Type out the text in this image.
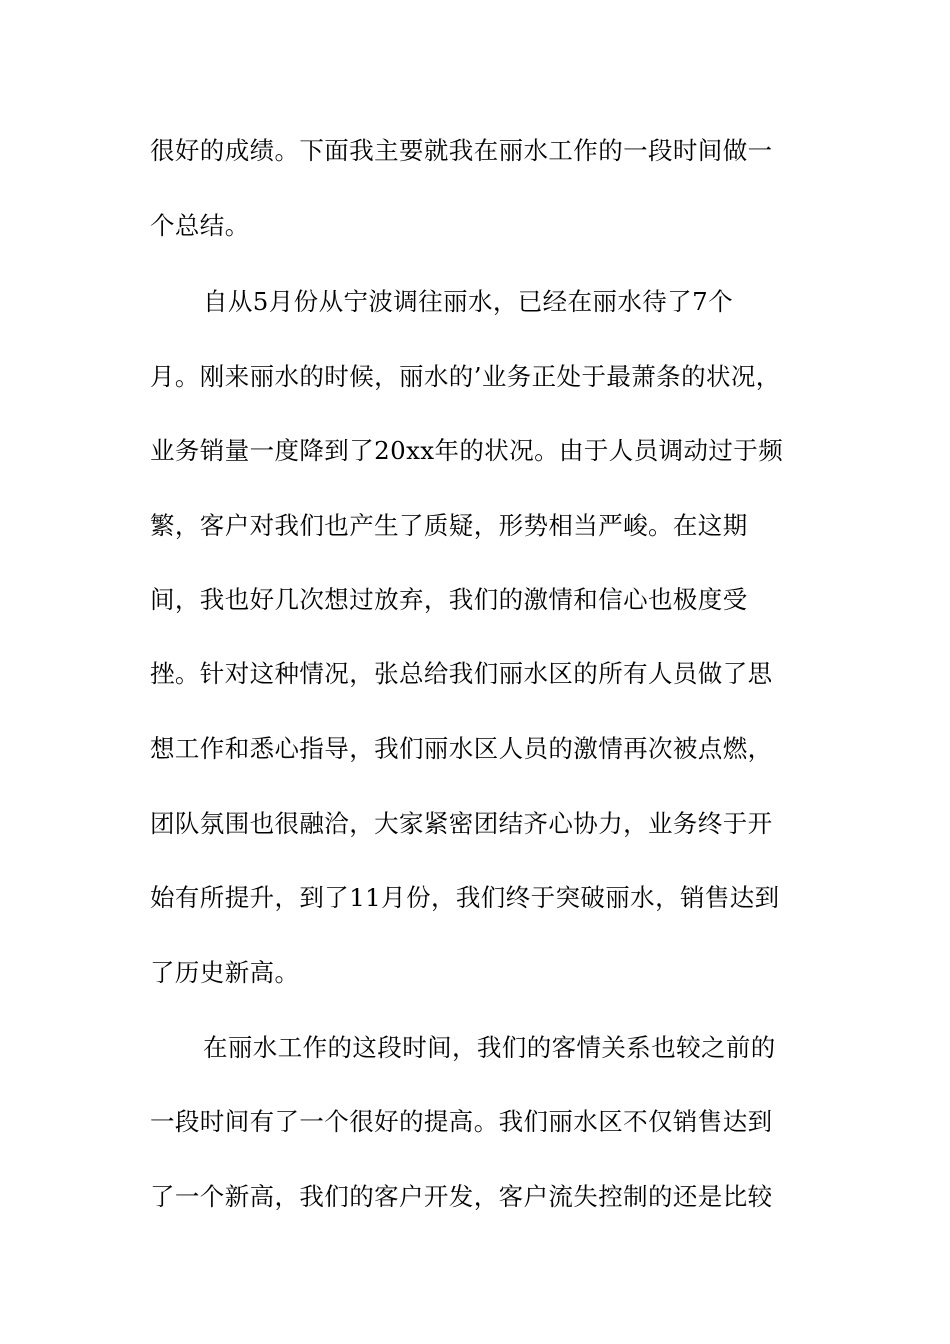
很好的成绩。下面我主要就我在丽水工作的一段时间做一
个总结。
自从5月份从宁波调往丽水，已经在丽水待了7个
月。刚来丽水的时候，丽水的’业务正处于最萧条的状况，
业务销量一度降到了20xx年的状况。由于人员调动过于频
繁，客户对我们也产生了质疑，形势相当严峻。在这期
间，我也好几次想过放弃，我们的激情和信心也极度受
挫。针对这种情况，张总给我们丽水区的所有人员做了思
想工作和悉心指导，我们丽水区人员的激情再次被点燃，
团队氛围也很融洽，大家紧密团结齐心协力，业务终于开
始有所提升，到了11月份，我们终于突破丽水，销售达到
了历史新高。
在丽水工作的这段时间，我们的客情关系也较之前的
一段时间有了一个很好的提高。我们丽水区不仅销售达到
了一个新高，我们的客户开发，客户流失控制的还是比较
